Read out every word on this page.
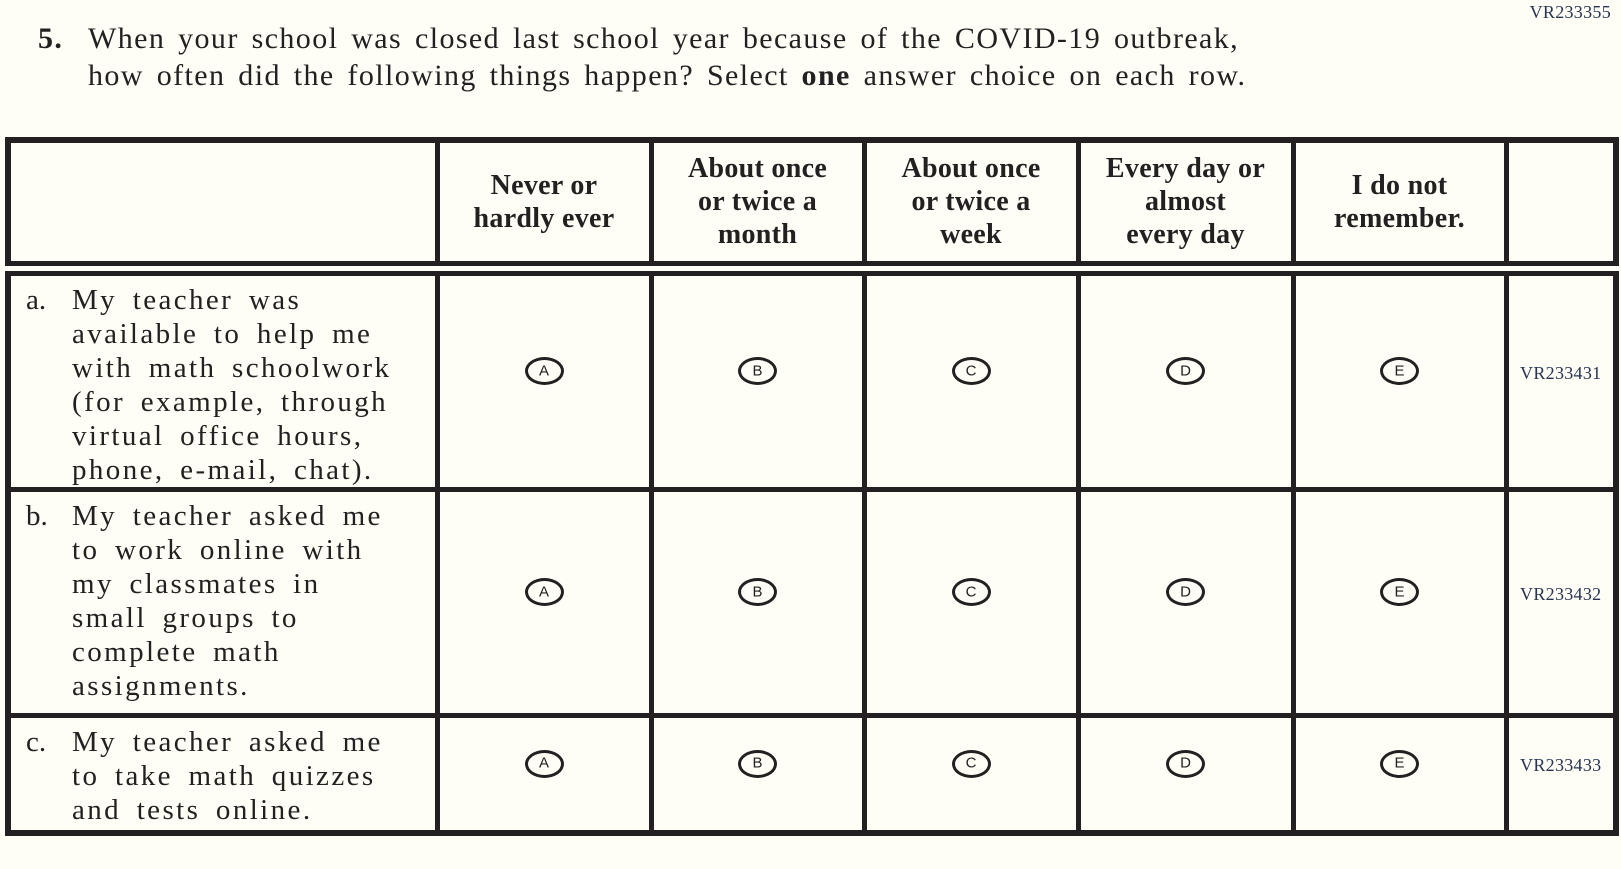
VR233355
5. When your school was closed last school year because of the COVID-19 outbreak,
how often did the following things happen? Select one answer choice on each row.
	Never or
hardly ever	About once
or twice a
month	About once
or twice a
week	Every day or
almost
every day	I do not
remember.	

a. My teacher was available to help me with math schoolwork (for example, through virtual office hours, phone, e-mail, chat).	A	B	C	D	E	VR233431

b. My teacher asked me to work online with my classmates in small groups to complete math assignments.	A	B	C	D	E	VR233432

c. My teacher asked me to take math quizzes and tests online.	A	B	C	D	E	VR233433
